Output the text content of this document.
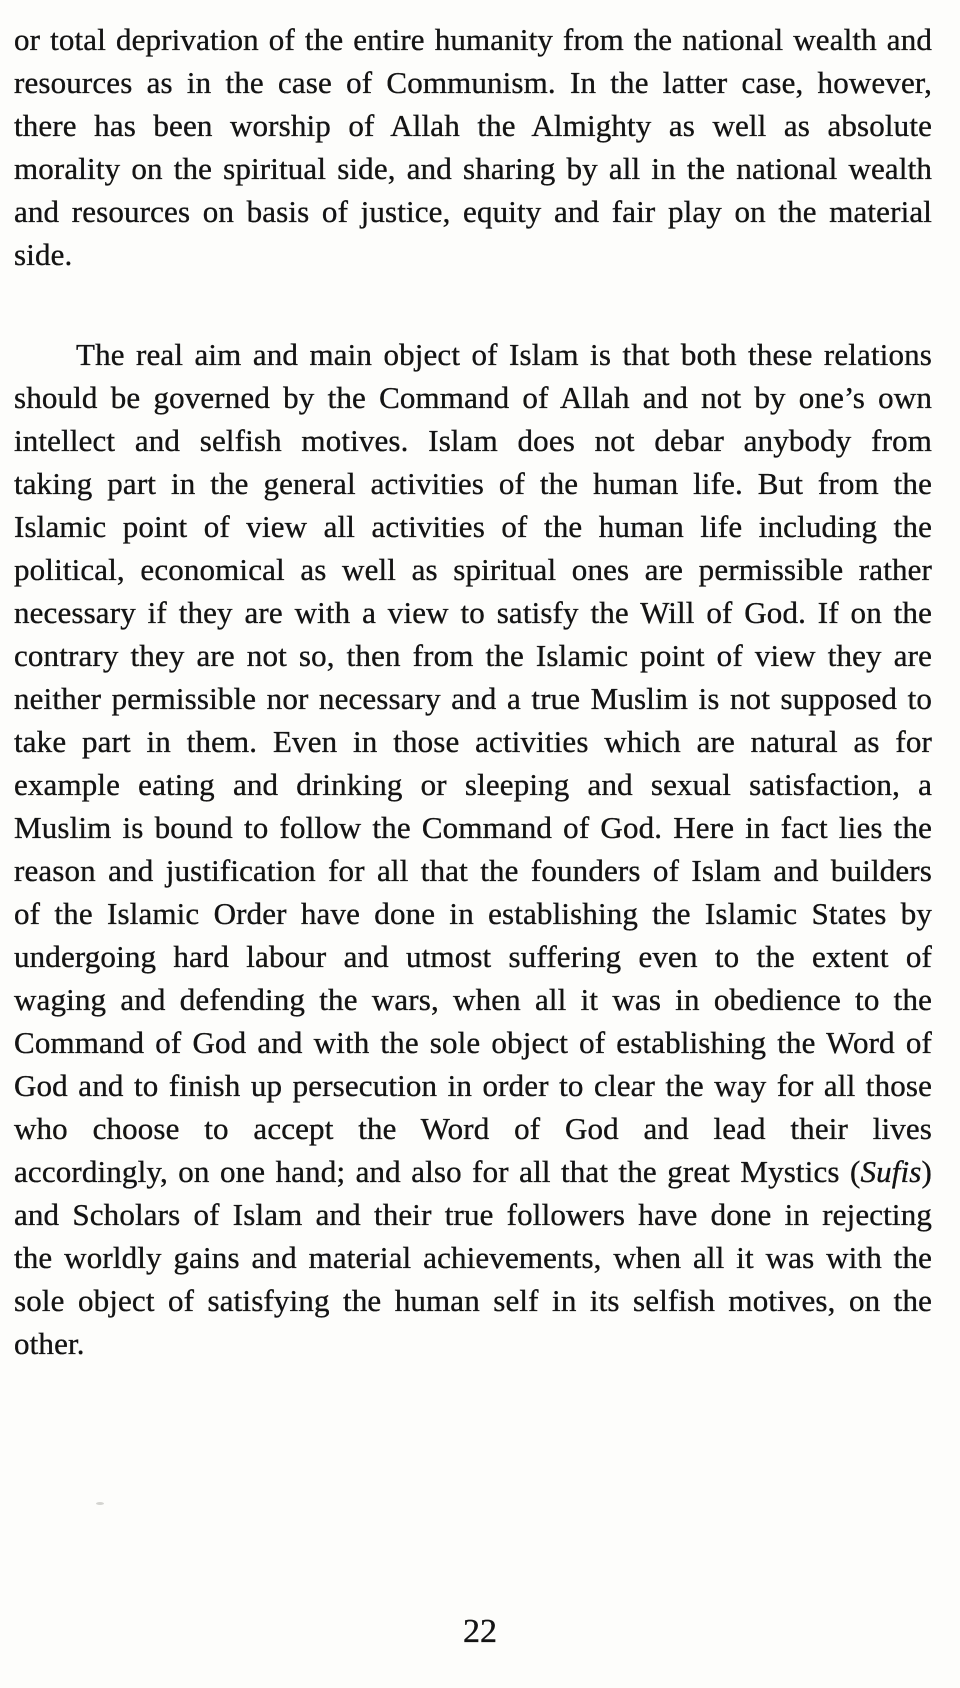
or total deprivation of the entire humanity from the national wealth and resources as in the case of Communism. In the latter case, however, there has been worship of Allah the Almighty as well as absolute morality on the spiritual side, and sharing by all in the national wealth and resources on basis of justice, equity and fair play on the material side.

The real aim and main object of Islam is that both these relations should be governed by the Command of Allah and not by one’s own intellect and selfish motives. Islam does not debar anybody from taking part in the general activities of the human life. But from the Islamic point of view all activities of the human life including the political, economical as well as spiritual ones are permissible rather necessary if they are with a view to satisfy the Will of God. If on the contrary they are not so, then from the Islamic point of view they are neither permissible nor necessary and a true Muslim is not supposed to take part in them. Even in those activities which are natural as for example eating and drinking or sleeping and sexual satisfaction, a Muslim is bound to follow the Command of God. Here in fact lies the reason and justification for all that the founders of Islam and builders of the Islamic Order have done in establishing the Islamic States by undergoing hard labour and utmost suffering even to the extent of waging and defending the wars, when all it was in obedience to the Command of God and with the sole object of establishing the Word of God and to finish up persecution in order to clear the way for all those who choose to accept the Word of God and lead their lives accordingly, on one hand; and also for all that the great Mystics (Sufis) and Scholars of Islam and their true followers have done in rejecting the worldly gains and material achievements, when all it was with the sole object of satisfying the human self in its selfish motives, on the other.

22
